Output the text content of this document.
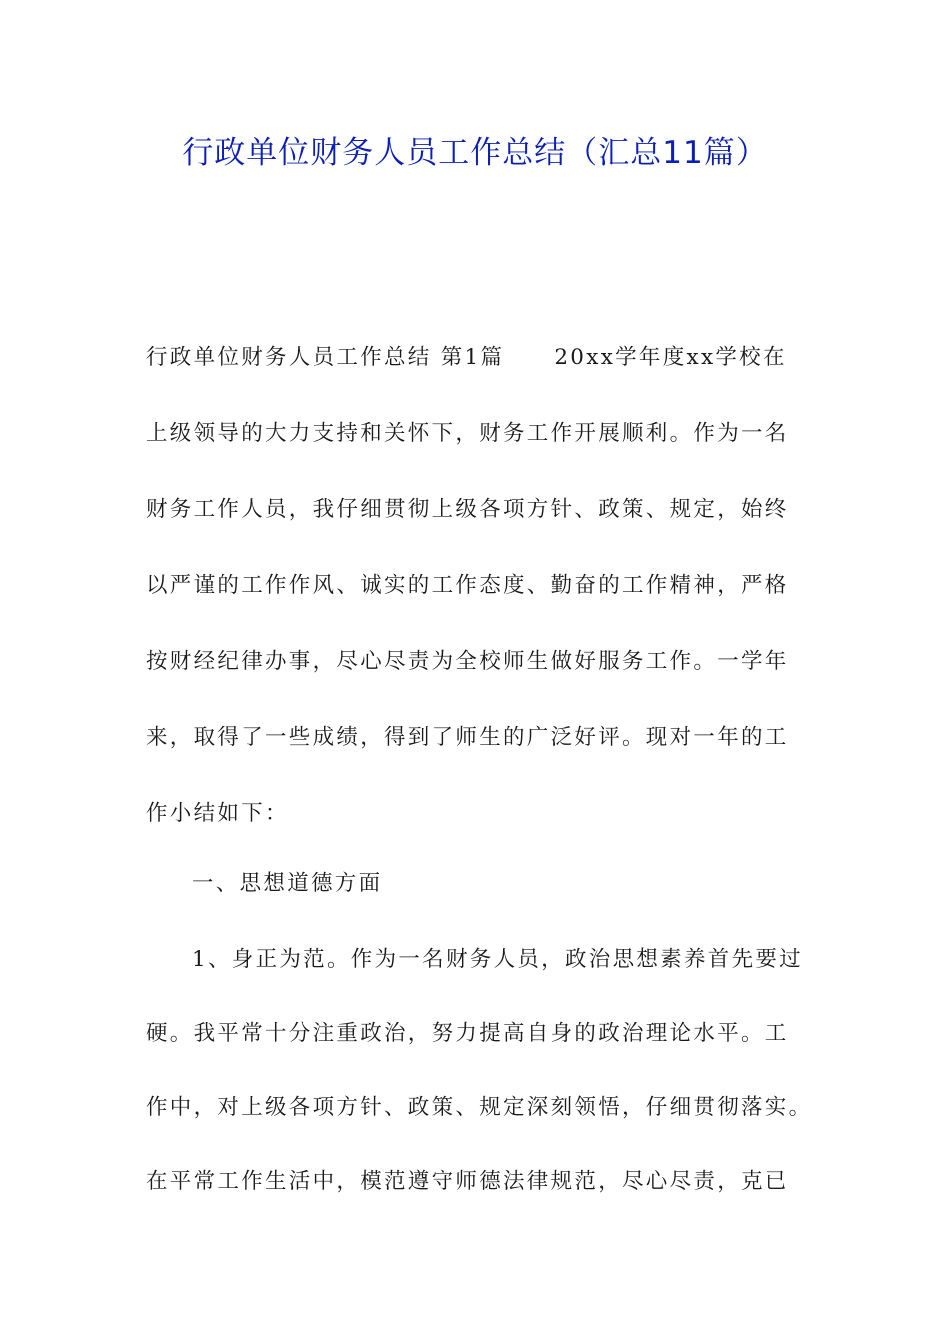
行政单位财务人员工作总结（汇总11篇）
行政单位财务人员工作总结 第1篇 20xx学年度xx学校在
上级领导的大力支持和关怀下，财务工作开展顺利。作为一名
财务工作人员，我仔细贯彻上级各项方针、政策、规定，始终
以严谨的工作作风、诚实的工作态度、勤奋的工作精神，严格
按财经纪律办事，尽心尽责为全校师生做好服务工作。一学年
来，取得了一些成绩，得到了师生的广泛好评。现对一年的工
作小结如下：
一、思想道德方面
1、身正为范。作为一名财务人员，政治思想素养首先要过
硬。我平常十分注重政治，努力提高自身的政治理论水平。工
作中，对上级各项方针、政策、规定深刻领悟，仔细贯彻落实。
在平常工作生活中，模范遵守师德法律规范，尽心尽责，克已
